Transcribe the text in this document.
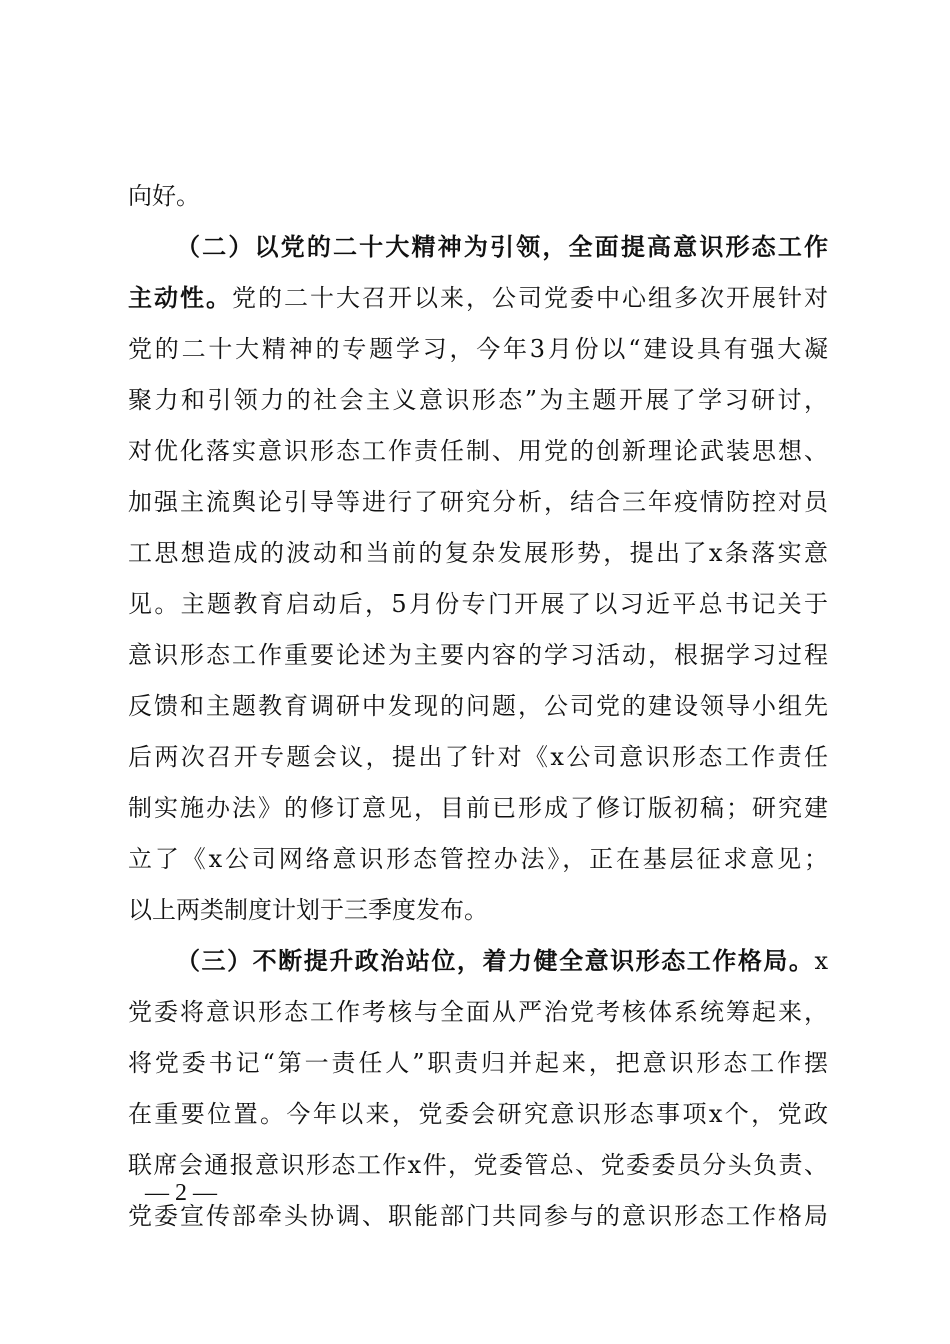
向好。
（二）以党的二十大精神为引领，全面提高意识形态工作
主动性。党的二十大召开以来，公司党委中心组多次开展针对
党的二十大精神的专题学习，今年3月份以“建设具有强大凝
聚力和引领力的社会主义意识形态”为主题开展了学习研讨，
对优化落实意识形态工作责任制、用党的创新理论武装思想、
加强主流舆论引导等进行了研究分析，结合三年疫情防控对员
工思想造成的波动和当前的复杂发展形势，提出了x条落实意
见。主题教育启动后，5月份专门开展了以习近平总书记关于
意识形态工作重要论述为主要内容的学习活动，根据学习过程
反馈和主题教育调研中发现的问题，公司党的建设领导小组先
后两次召开专题会议，提出了针对《x公司意识形态工作责任
制实施办法》的修订意见，目前已形成了修订版初稿；研究建
立了《x公司网络意识形态管控办法》，正在基层征求意见；
以上两类制度计划于三季度发布。
（三）不断提升政治站位，着力健全意识形态工作格局。x
党委将意识形态工作考核与全面从严治党考核体系统筹起来，
将党委书记“第一责任人”职责归并起来，把意识形态工作摆
在重要位置。今年以来，党委会研究意识形态事项x个，党政
联席会通报意识形态工作x件，党委管总、党委委员分头负责、
党委宣传部牵头协调、职能部门共同参与的意识形态工作格局
— 2 —
